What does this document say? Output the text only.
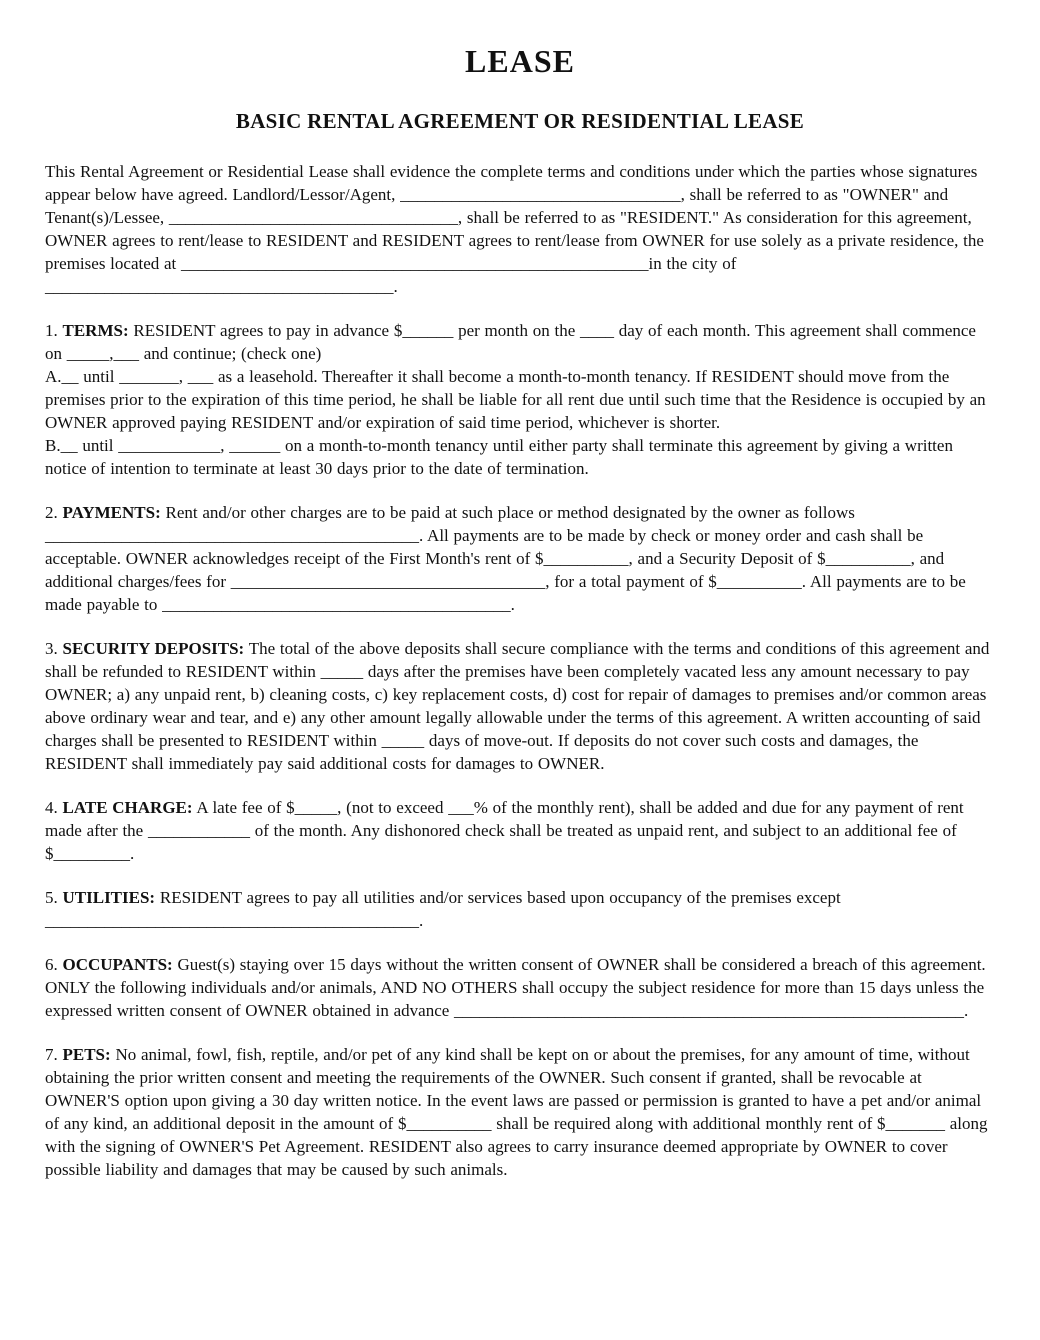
LEASE
BASIC RENTAL AGREEMENT OR RESIDENTIAL LEASE

This Rental Agreement or Residential Lease shall evidence the complete terms and conditions under which the parties whose signatures appear below have agreed. Landlord/Lessor/Agent, _________________________________, shall be referred to as "OWNER" and Tenant(s)/Lessee, __________________________________, shall be referred to as "RESIDENT." As consideration for this agreement, OWNER agrees to rent/lease to RESIDENT and RESIDENT agrees to rent/lease from OWNER for use solely as a private residence, the premises located at _______________________________________________________in the city of _________________________________________.

1. TERMS: RESIDENT agrees to pay in advance $______ per month on the ____ day of each month. This agreement shall commence on _____,___ and continue; (check one)
A.__ until _______, ___ as a leasehold. Thereafter it shall become a month-to-month tenancy. If RESIDENT should move from the premises prior to the expiration of this time period, he shall be liable for all rent due until such time that the Residence is occupied by an OWNER approved paying RESIDENT and/or expiration of said time period, whichever is shorter.
B.__ until ____________, ______ on a month-to-month tenancy until either party shall terminate this agreement by giving a written notice of intention to terminate at least 30 days prior to the date of termination.
2. PAYMENTS: Rent and/or other charges are to be paid at such place or method designated by the owner as follows ____________________________________________. All payments are to be made by check or money order and cash shall be acceptable. OWNER acknowledges receipt of the First Month's rent of $__________, and a Security Deposit of $__________, and additional charges/fees for _____________________________________, for a total payment of $__________. All payments are to be made payable to _________________________________________.
3. SECURITY DEPOSITS: The total of the above deposits shall secure compliance with the terms and conditions of this agreement and shall be refunded to RESIDENT within _____ days after the premises have been completely vacated less any amount necessary to pay OWNER; a) any unpaid rent, b) cleaning costs, c) key replacement costs, d) cost for repair of damages to premises and/or common areas above ordinary wear and tear, and e) any other amount legally allowable under the terms of this agreement. A written accounting of said charges shall be presented to RESIDENT within _____ days of move-out. If deposits do not cover such costs and damages, the RESIDENT shall immediately pay said additional costs for damages to OWNER.
4. LATE CHARGE: A late fee of $_____, (not to exceed ___% of the monthly rent), shall be added and due for any payment of rent made after the ____________ of the month. Any dishonored check shall be treated as unpaid rent, and subject to an additional fee of $_________.
5. UTILITIES: RESIDENT agrees to pay all utilities and/or services based upon occupancy of the premises except ____________________________________________.
6. OCCUPANTS: Guest(s) staying over 15 days without the written consent of OWNER shall be considered a breach of this agreement. ONLY the following individuals and/or animals, AND NO OTHERS shall occupy the subject residence for more than 15 days unless the expressed written consent of OWNER obtained in advance ____________________________________________________________.
7. PETS: No animal, fowl, fish, reptile, and/or pet of any kind shall be kept on or about the premises, for any amount of time, without obtaining the prior written consent and meeting the requirements of the OWNER. Such consent if granted, shall be revocable at OWNER'S option upon giving a 30 day written notice. In the event laws are passed or permission is granted to have a pet and/or animal of any kind, an additional deposit in the amount of $__________ shall be required along with additional monthly rent of $_______ along with the signing of OWNER'S Pet Agreement. RESIDENT also agrees to carry insurance deemed appropriate by OWNER to cover possible liability and damages that may be caused by such animals.
